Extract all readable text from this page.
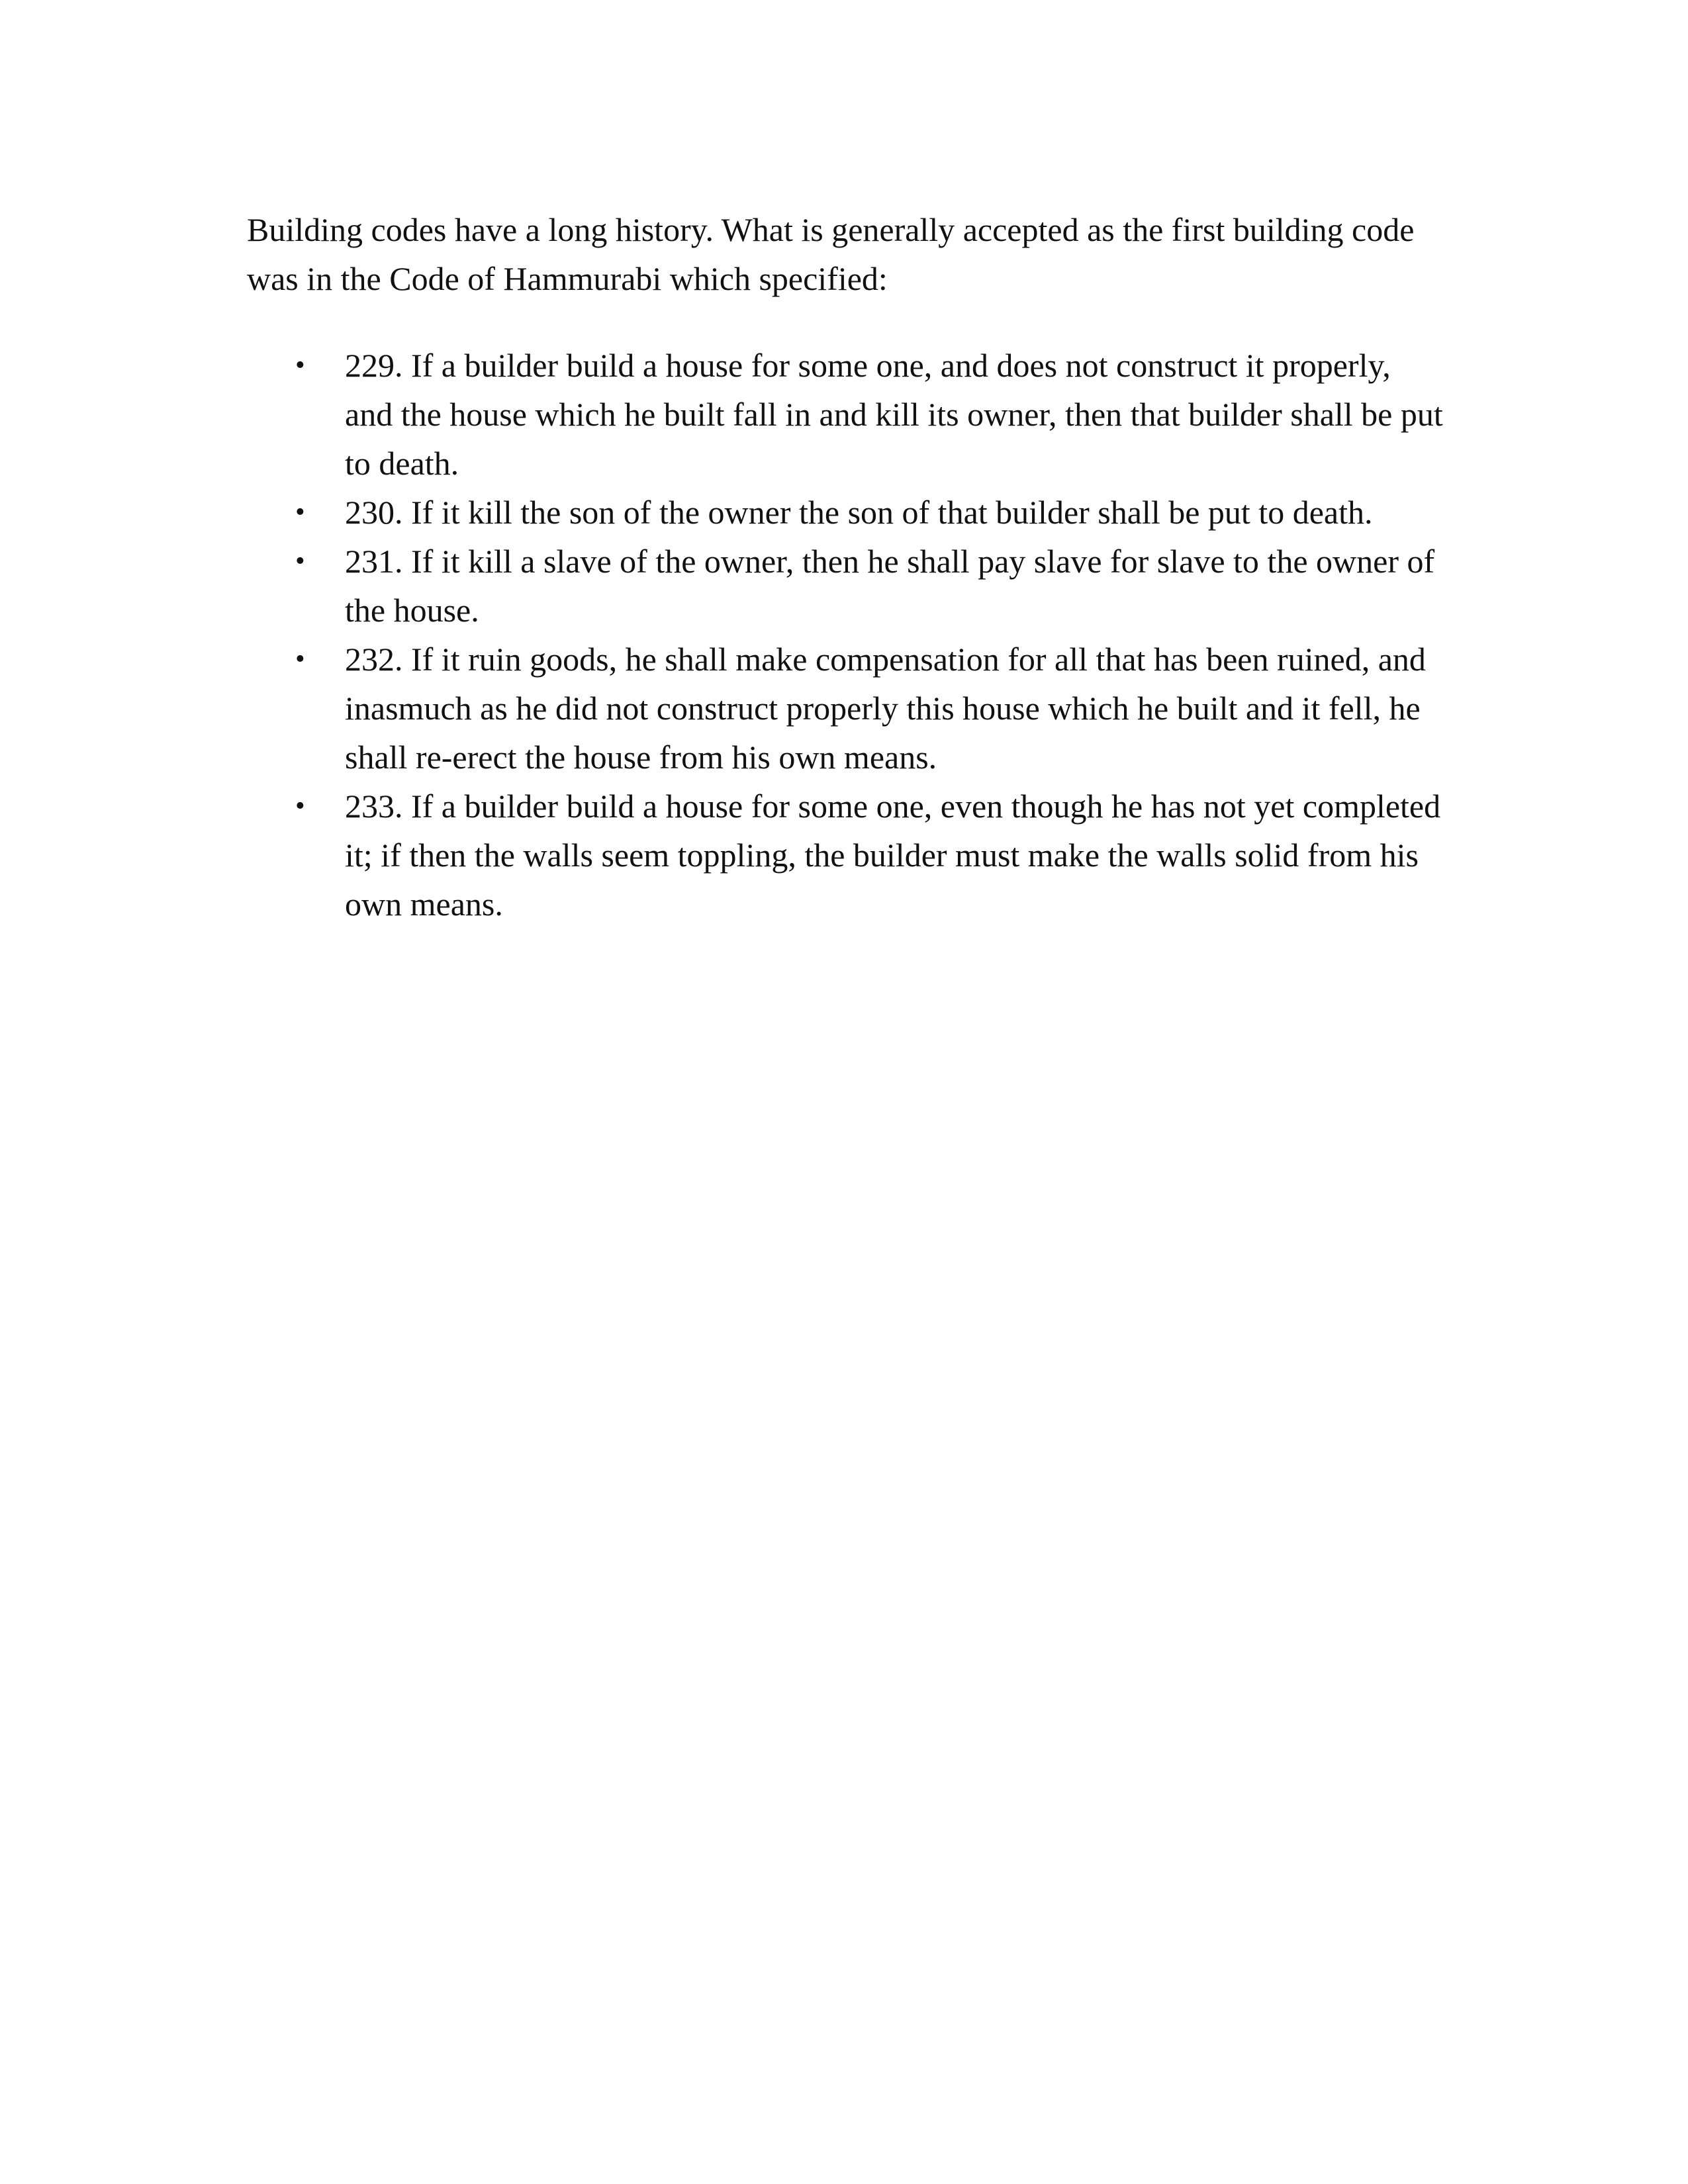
Building codes have a long history. What is generally accepted as the first building code was in the Code of Hammurabi which specified:

•
229. If a builder build a house for some one, and does not construct it properly, and the house which he built fall in and kill its owner, then that builder shall be put to death.
•
230. If it kill the son of the owner the son of that builder shall be put to death.
•
231. If it kill a slave of the owner, then he shall pay slave for slave to the owner of the house.
•
232. If it ruin goods, he shall make compensation for all that has been ruined, and inasmuch as he did not construct properly this house which he built and it fell, he shall re-erect the house from his own means.
•
233. If a builder build a house for some one, even though he has not yet completed it; if then the walls seem toppling, the builder must make the walls solid from his own means.
